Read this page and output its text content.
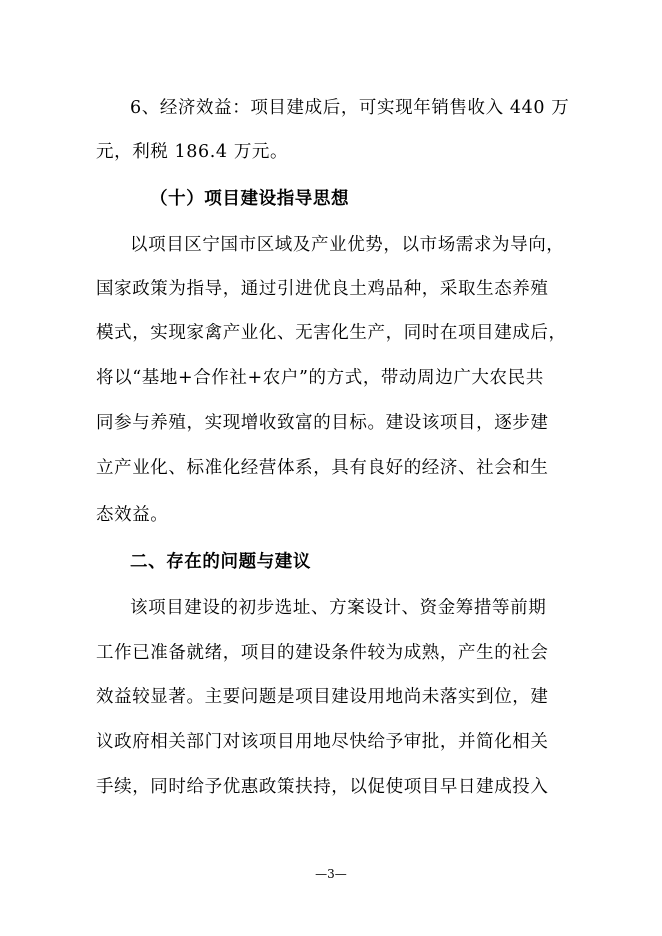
6、经济效益：项目建成后，可实现年销售收入 440 万
元，利税 186.4 万元。
（十）项目建设指导思想
以项目区宁国市区域及产业优势，以市场需求为导向，
国家政策为指导，通过引进优良土鸡品种，采取生态养殖
模式，实现家禽产业化、无害化生产，同时在项目建成后，
将以“基地+合作社+农户”的方式，带动周边广大农民共
同参与养殖，实现增收致富的目标。建设该项目，逐步建
立产业化、标准化经营体系，具有良好的经济、社会和生
态效益。
二、存在的问题与建议
该项目建设的初步选址、方案设计、资金筹措等前期
工作已准备就绪，项目的建设条件较为成熟，产生的社会
效益较显著。主要问题是项目建设用地尚未落实到位，建
议政府相关部门对该项目用地尽快给予审批，并简化相关
手续，同时给予优惠政策扶持，以促使项目早日建成投入
—3—
